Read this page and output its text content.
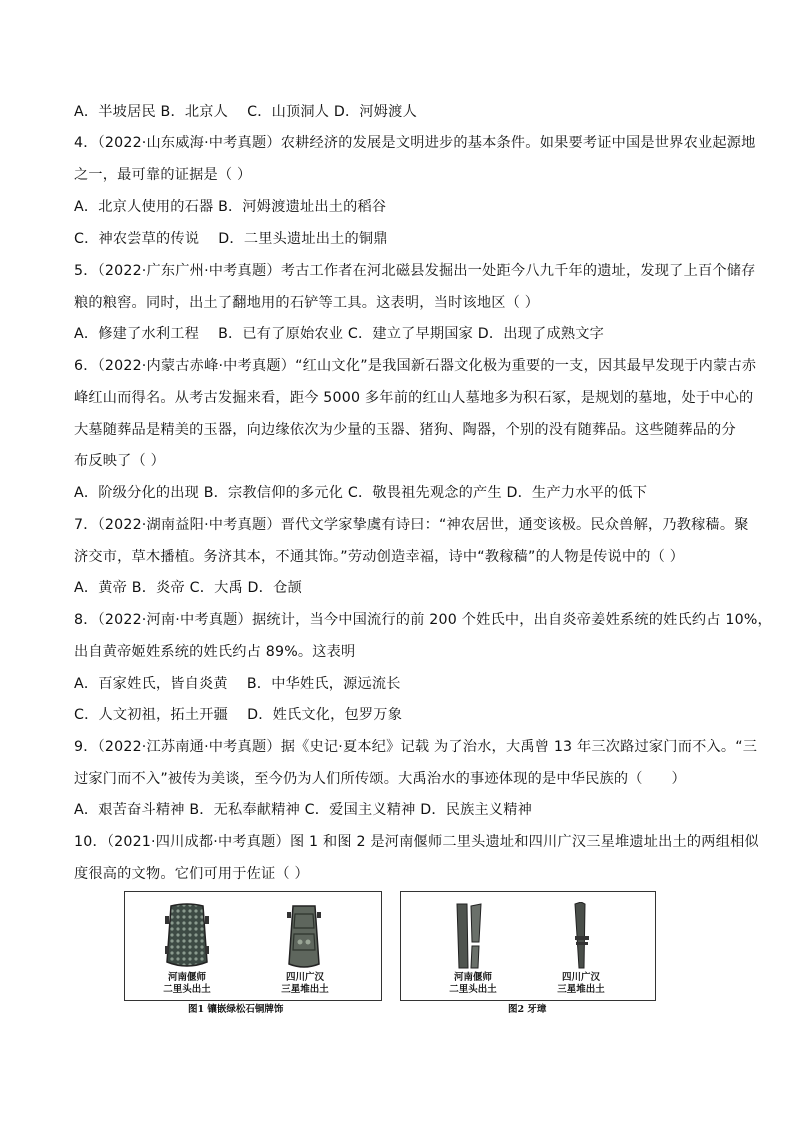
A．半坡居民 B．北京人　 C．山顶洞人 D．河姆渡人
4．（2022·山东威海·中考真题）农耕经济的发展是文明进步的基本条件。如果要考证中国是世界农业起源地
之一，最可靠的证据是（ ）
A．北京人使用的石器 B．河姆渡遗址出土的稻谷
C．神农尝草的传说　 D．二里头遗址出土的铜鼎
5．（2022·广东广州·中考真题）考古工作者在河北磁县发掘出一处距今八九千年的遗址，发现了上百个储存
粮的粮窖。同时，出土了翻地用的石铲等工具。这表明，当时该地区（ ）
A．修建了水利工程　 B．已有了原始农业 C．建立了早期国家 D．出现了成熟文字
6．（2022·内蒙古赤峰·中考真题）“红山文化”是我国新石器文化极为重要的一支，因其最早发现于内蒙古赤
峰红山而得名。从考古发掘来看，距今 5000 多年前的红山人墓地多为积石冢，是规划的墓地，处于中心的
大墓随葬品是精美的玉器，向边缘依次为少量的玉器、猪狗、陶器，个别的没有随葬品。这些随葬品的分
布反映了（ ）
A．阶级分化的出现 B．宗教信仰的多元化 C．敬畏祖先观念的产生 D．生产力水平的低下
7．（2022·湖南益阳·中考真题）晋代文学家挚虞有诗曰：“神农居世，通变该极。民众兽解，乃教稼穑。聚
济交市，草木播植。务济其本，不通其饰。”劳动创造幸福，诗中“教稼穑”的人物是传说中的（ ）
A．黄帝 B．炎帝 C．大禹 D．仓颉
8．（2022·河南·中考真题）据统计，当今中国流行的前 200 个姓氏中，出自炎帝姜姓系统的姓氏约占 10%，
出自黄帝姬姓系统的姓氏约占 89%。这表明
A．百家姓氏，皆自炎黄　 B．中华姓氏，源远流长
C．人文初祖，拓土开疆　 D．姓氏文化，包罗万象
9．（2022·江苏南通·中考真题）据《史记·夏本纪》记载 为了治水，大禹曾 13 年三次路过家门而不入。“三
过家门而不入”被传为美谈，至今仍为人们所传颂。大禹治水的事迹体现的是中华民族的（　　）
A．艰苦奋斗精神 B．无私奉献精神 C．爱国主义精神 D．民族主义精神
10．（2021·四川成都·中考真题）图 1 和图 2 是河南偃师二里头遗址和四川广汉三星堆遗址出土的两组相似
度很高的文物。它们可用于佐证（ ）
河南偃师
二里头出土
四川广汉
三星堆出土
图1 镶嵌绿松石铜牌饰
河南偃师
二里头出土
四川广汉
三星堆出土
图2 牙璋
